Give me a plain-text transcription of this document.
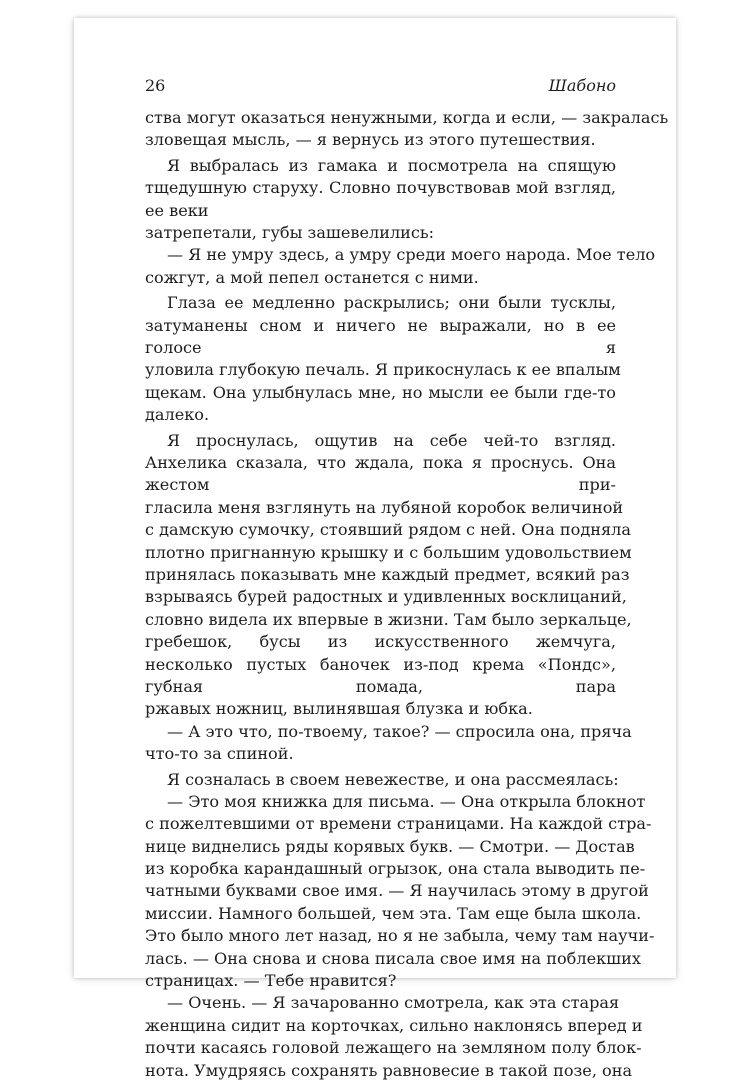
26	Шабоно
ства могут оказаться ненужными, когда и если, — закралась
зловещая мысль, — я вернусь из этого путешествия.
Я выбралась из гамака и посмотрела на спящую тщедушную старуху. Словно почувствовав мой взгляд, ее веки
затрепетали, губы зашевелились:
— Я не умру здесь, а умру среди моего народа. Мое тело
сожгут, а мой пепел останется с ними.
Глаза ее медленно раскрылись; они были тусклы, затуманены сном и ничего не выражали, но в ее голосе я
уловила глубокую печаль. Я прикоснулась к ее впалым
щекам. Она улыбнулась мне, но мысли ее были где-то
далеко.
Я проснулась, ощутив на себе чей-то взгляд. Анхелика сказала, что ждала, пока я проснусь. Она жестом при-
гласила меня взглянуть на лубяной коробок величиной
с дамскую сумочку, стоявший рядом с ней. Она подняла
плотно пригнанную крышку и с большим удовольствием
принялась показывать мне каждый предмет, всякий раз
взрываясь бурей радостных и удивленных восклицаний,
словно видела их впервые в жизни. Там было зеркальце,
гребешок, бусы из искусственного жемчуга, несколько пустых баночек из-под крема «Пондс», губная помада, пара
ржавых ножниц, вылинявшая блузка и юбка.
— А это что, по-твоему, такое? — спросила она, пряча
что-то за спиной.
Я созналась в своем невежестве, и она рассмеялась:
— Это моя книжка для письма. — Она открыла блокнот
с пожелтевшими от времени страницами. На каждой стра-
нице виднелись ряды корявых букв. — Смотри. — Достав
из коробка карандашный огрызок, она стала выводить пе-
чатными буквами свое имя. — Я научилась этому в другой
миссии. Намного большей, чем эта. Там еще была школа.
Это было много лет назад, но я не забыла, чему там научи-
лась. — Она снова и снова писала свое имя на поблекших
страницах. — Тебе нравится?
— Очень. — Я зачарованно смотрела, как эта старая
женщина сидит на корточках, сильно наклонясь вперед и
почти касаясь головой лежащего на земляном полу блок-
нота. Умудряясь сохранять равновесие в такой позе, она
